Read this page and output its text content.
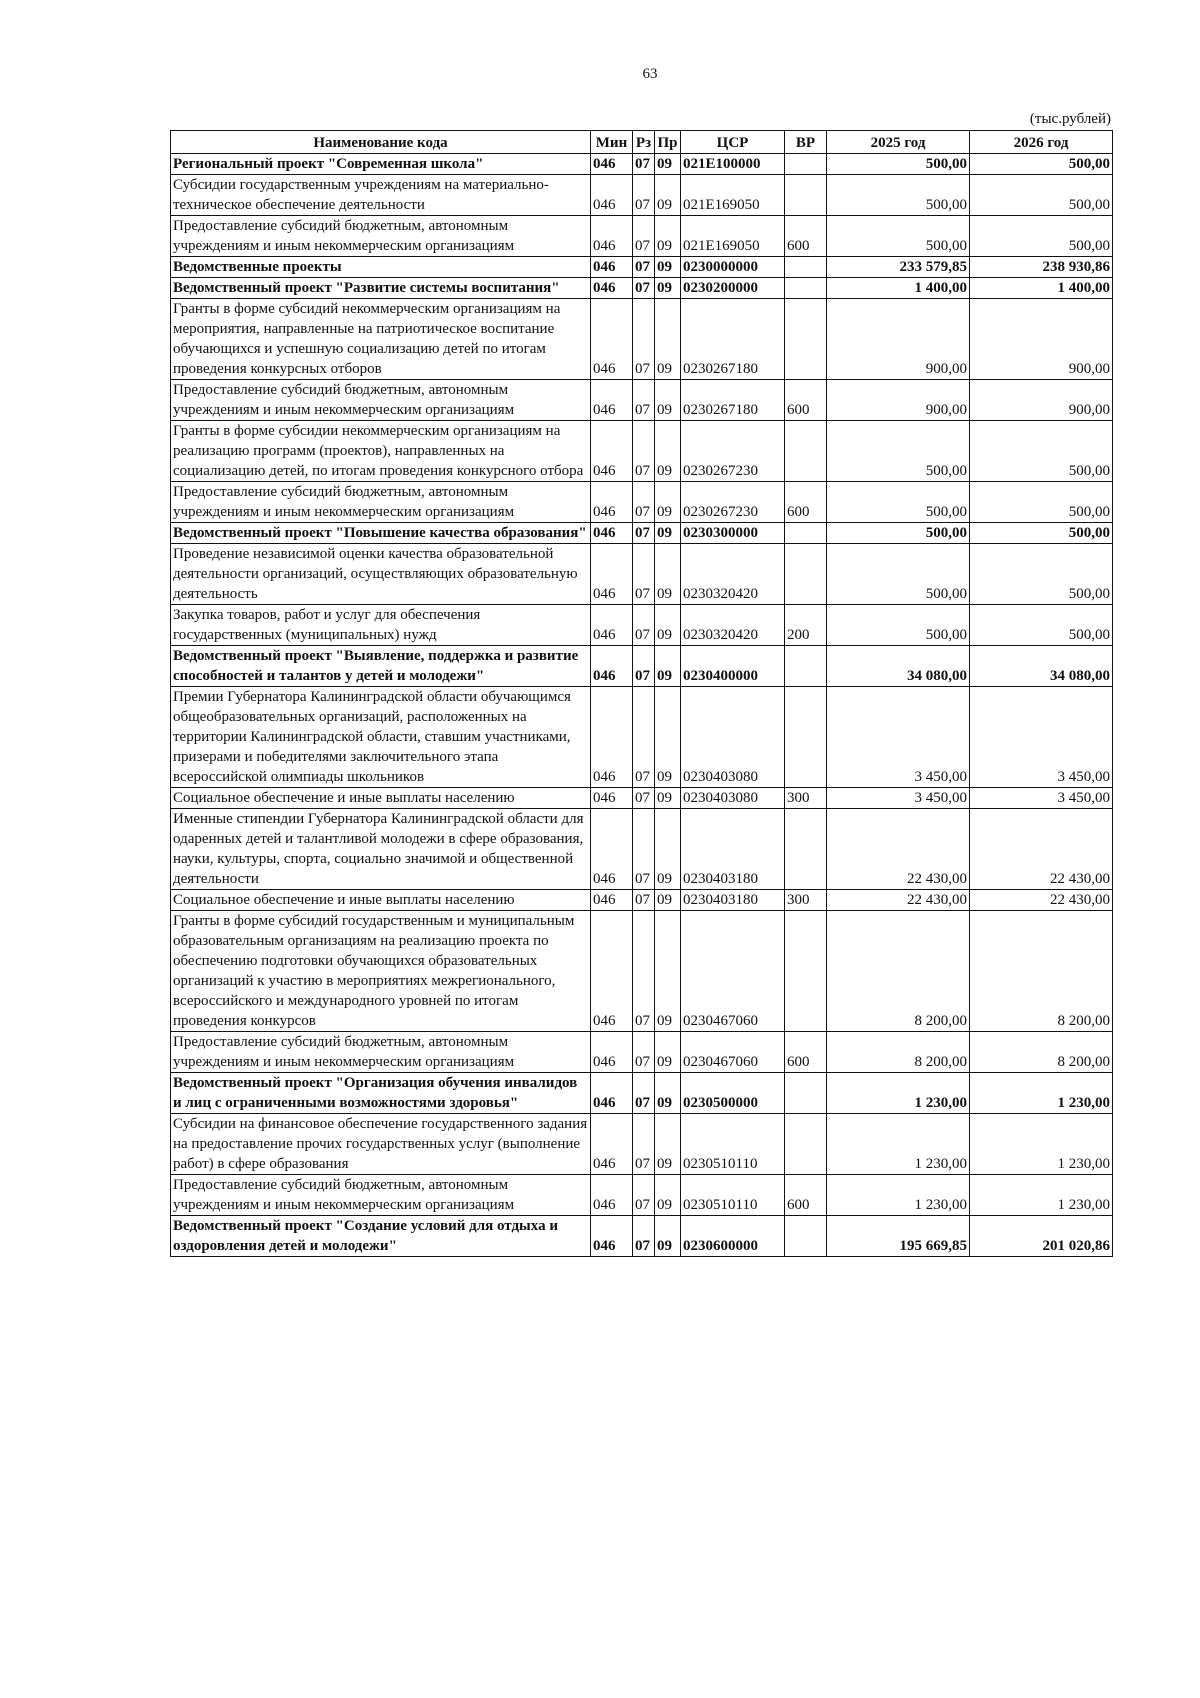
63
(тыс.рублей)
Наименование кода	Мин	Рз	Пр	ЦСР	ВР	2025 год	2026 год
Региональный проект "Современная школа"	046	07	09	021E100000		500,00	500,00
Субсидии государственным учреждениям на материально-техническое обеспечение деятельности	046	07	09	021E169050		500,00	500,00
Предоставление субсидий бюджетным, автономным учреждениям и иным некоммерческим организациям	046	07	09	021E169050	600	500,00	500,00
Ведомственные проекты	046	07	09	0230000000		233 579,85	238 930,86
Ведомственный проект "Развитие системы воспитания"	046	07	09	0230200000		1 400,00	1 400,00
Гранты в форме субсидий некоммерческим организациям на мероприятия, направленные на патриотическое воспитание обучающихся и успешную социализацию детей по итогам проведения конкурсных отборов	046	07	09	0230267180		900,00	900,00
Предоставление субсидий бюджетным, автономным учреждениям и иным некоммерческим организациям	046	07	09	0230267180	600	900,00	900,00
Гранты в форме субсидии некоммерческим организациям на реализацию программ (проектов), направленных на социализацию детей, по итогам проведения конкурсного отбора	046	07	09	0230267230		500,00	500,00
Предоставление субсидий бюджетным, автономным учреждениям и иным некоммерческим организациям	046	07	09	0230267230	600	500,00	500,00
Ведомственный проект "Повышение качества образования"	046	07	09	0230300000		500,00	500,00
Проведение независимой оценки качества образовательной деятельности организаций, осуществляющих образовательную деятельность	046	07	09	0230320420		500,00	500,00
Закупка товаров, работ и услуг для обеспечения государственных (муниципальных) нужд	046	07	09	0230320420	200	500,00	500,00
Ведомственный проект "Выявление, поддержка и развитие способностей и талантов у детей и молодежи"	046	07	09	0230400000		34 080,00	34 080,00
Премии Губернатора Калининградской области обучающимся общеобразовательных организаций, расположенных на территории Калининградской области, ставшим участниками, призерами и победителями заключительного этапа всероссийской олимпиады школьников	046	07	09	0230403080		3 450,00	3 450,00
Социальное обеспечение и иные выплаты населению	046	07	09	0230403080	300	3 450,00	3 450,00
Именные стипендии Губернатора Калининградской области для одаренных детей и талантливой молодежи в сфере образования, науки, культуры, спорта, социально значимой и общественной деятельности	046	07	09	0230403180		22 430,00	22 430,00
Социальное обеспечение и иные выплаты населению	046	07	09	0230403180	300	22 430,00	22 430,00
Гранты в форме субсидий государственным и муниципальным образовательным организациям на реализацию проекта по обеспечению подготовки обучающихся образовательных организаций к участию в мероприятиях межрегионального, всероссийского и международного уровней по итогам проведения конкурсов	046	07	09	0230467060		8 200,00	8 200,00
Предоставление субсидий бюджетным, автономным учреждениям и иным некоммерческим организациям	046	07	09	0230467060	600	8 200,00	8 200,00
Ведомственный проект "Организация обучения инвалидов и лиц с ограниченными возможностями здоровья"	046	07	09	0230500000		1 230,00	1 230,00
Субсидии на финансовое обеспечение государственного задания на предоставление прочих государственных услуг (выполнение работ) в сфере образования	046	07	09	0230510110		1 230,00	1 230,00
Предоставление субсидий бюджетным, автономным учреждениям и иным некоммерческим организациям	046	07	09	0230510110	600	1 230,00	1 230,00
Ведомственный проект "Создание условий для отдыха и оздоровления детей и молодежи"	046	07	09	0230600000		195 669,85	201 020,86
